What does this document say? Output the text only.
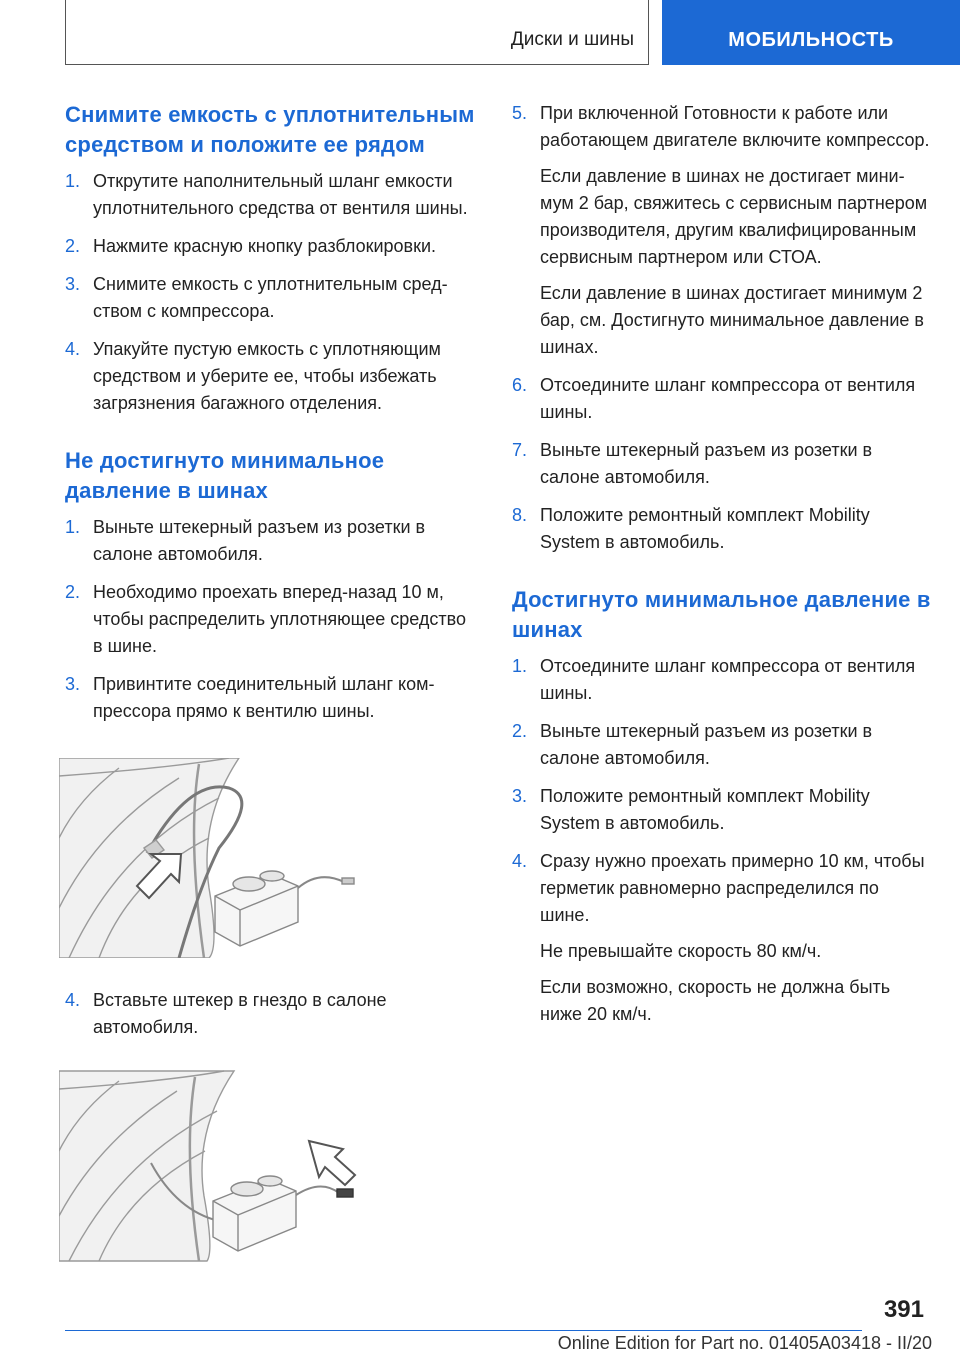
Диски и шины	МОБИЛЬНОСТЬ
Снимите емкость с уплотнительным средством и положите ее рядом
1. Открутите наполнительный шланг емкости уплотнительного средства от вентиля шины.
2. Нажмите красную кнопку разблокировки.
3. Снимите емкость с уплотнительным средством с компрессора.
4. Упакуйте пустую емкость с уплотняющим средством и уберите ее, чтобы избежать загрязнения багажного отделения.
Не достигнуто минимальное давление в шинах
1. Выньте штекерный разъем из розетки в салоне автомобиля.
2. Необходимо проехать вперед-назад 10 м, чтобы распределить уплотняющее средство в шине.
3. Привинтите соединительный шланг компрессора прямо к вентилю шины.
4. Вставьте штекер в гнездо в салоне автомобиля.
5. При включенной Готовности к работе или работающем двигателе включите компрессор.

Если давление в шинах не достигает минимум 2 бар, свяжитесь с сервисным партнером производителя, другим квалифицированным сервисным партнером или СТОА.

Если давление в шинах достигает минимум 2 бар, см. Достигнуто минимальное давление в шинах.

6. Отсоедините шланг компрессора от вентиля шины.

7. Выньте штекерный разъем из розетки в салоне автомобиля.

8. Положите ремонтный комплект Mobility System в автомобиль.

Достигнуто минимальное давление в шинах
1. Отсоедините шланг компрессора от вентиля шины.

2. Выньте штекерный разъем из розетки в салоне автомобиля.

3. Положите ремонтный комплект Mobility System в автомобиль.

4. Сразу нужно проехать примерно 10 км, чтобы герметик равномерно распределился по шине.

Не превышайте скорость 80 км/ч.

Если возможно, скорость не должна быть ниже 20 км/ч.

391
Online Edition for Part no. 01405A03418 - II/20
